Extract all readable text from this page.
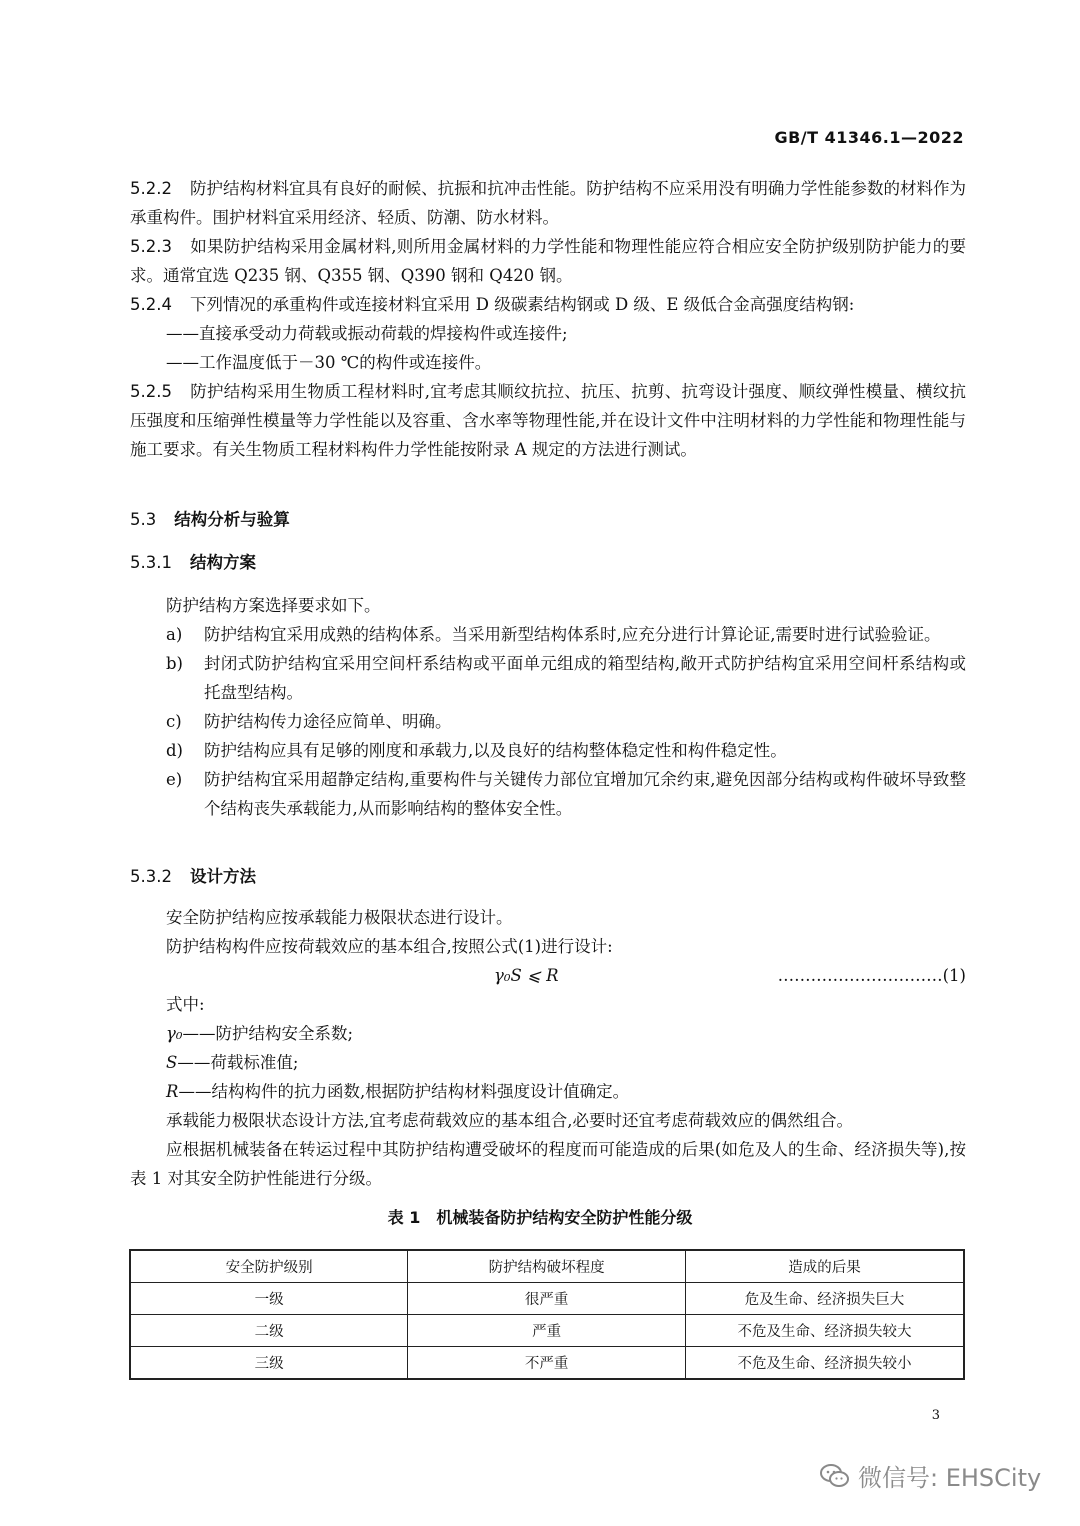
GB/T 41346.1—2022

5.2.2 防护结构材料宜具有良好的耐候、抗振和抗冲击性能。防护结构不应采用没有明确力学性能参数的材料作为承重构件。围护材料宜采用经济、轻质、防潮、防水材料。

5.2.3 如果防护结构采用金属材料,则所用金属材料的力学性能和物理性能应符合相应安全防护级别防护能力的要求。通常宜选 Q235 钢、Q355 钢、Q390 钢和 Q420 钢。

5.2.4 下列情况的承重构件或连接材料宜采用 D 级碳素结构钢或 D 级、E 级低合金高强度结构钢:

——直接承受动力荷载或振动荷载的焊接构件或连接件;
——工作温度低于－30 ℃的构件或连接件。

5.2.5 防护结构采用生物质工程材料时,宜考虑其顺纹抗拉、抗压、抗剪、抗弯设计强度、顺纹弹性模量、横纹抗压强度和压缩弹性模量等力学性能以及容重、含水率等物理性能,并在设计文件中注明材料的力学性能和物理性能与施工要求。有关生物质工程材料构件力学性能按附录 A 规定的方法进行测试。

5.3 结构分析与验算

5.3.1 结构方案

防护结构方案选择要求如下。
a)	防护结构宜采用成熟的结构体系。当采用新型结构体系时,应充分进行计算论证,需要时进行试验验证。
b)	封闭式防护结构宜采用空间杆系结构或平面单元组成的箱型结构,敞开式防护结构宜采用空间杆系结构或托盘型结构。
c)	防护结构传力途径应简单、明确。
d)	防护结构应具有足够的刚度和承载力,以及良好的结构整体稳定性和构件稳定性。
e)	防护结构宜采用超静定结构,重要构件与关键传力部位宜增加冗余约束,避免因部分结构或构件破坏导致整个结构丧失承载能力,从而影响结构的整体安全性。

5.3.2 设计方法

安全防护结构应按承载能力极限状态进行设计。
防护结构构件应按荷载效应的基本组合,按照公式(1)进行设计:
γ₀S ⩽ R	…………………………(1)
式中:
γ₀ ——防护结构安全系数;
S ——荷载标准值;
R ——结构构件的抗力函数,根据防护结构材料强度设计值确定。

承载能力极限状态设计方法,宜考虑荷载效应的基本组合,必要时还宜考虑荷载效应的偶然组合。

应根据机械装备在转运过程中其防护结构遭受破坏的程度而可能造成的后果(如危及人的生命、经济损失等),按表 1 对其安全防护性能进行分级。

表 1　机械装备防护结构安全防护性能分级
安全防护级别	防护结构破坏程度	造成的后果
一级	很严重	危及生命、经济损失巨大
二级	严重	不危及生命、经济损失较大
三级	不严重	不危及生命、经济损失较小
3
微信号: EHSCity
